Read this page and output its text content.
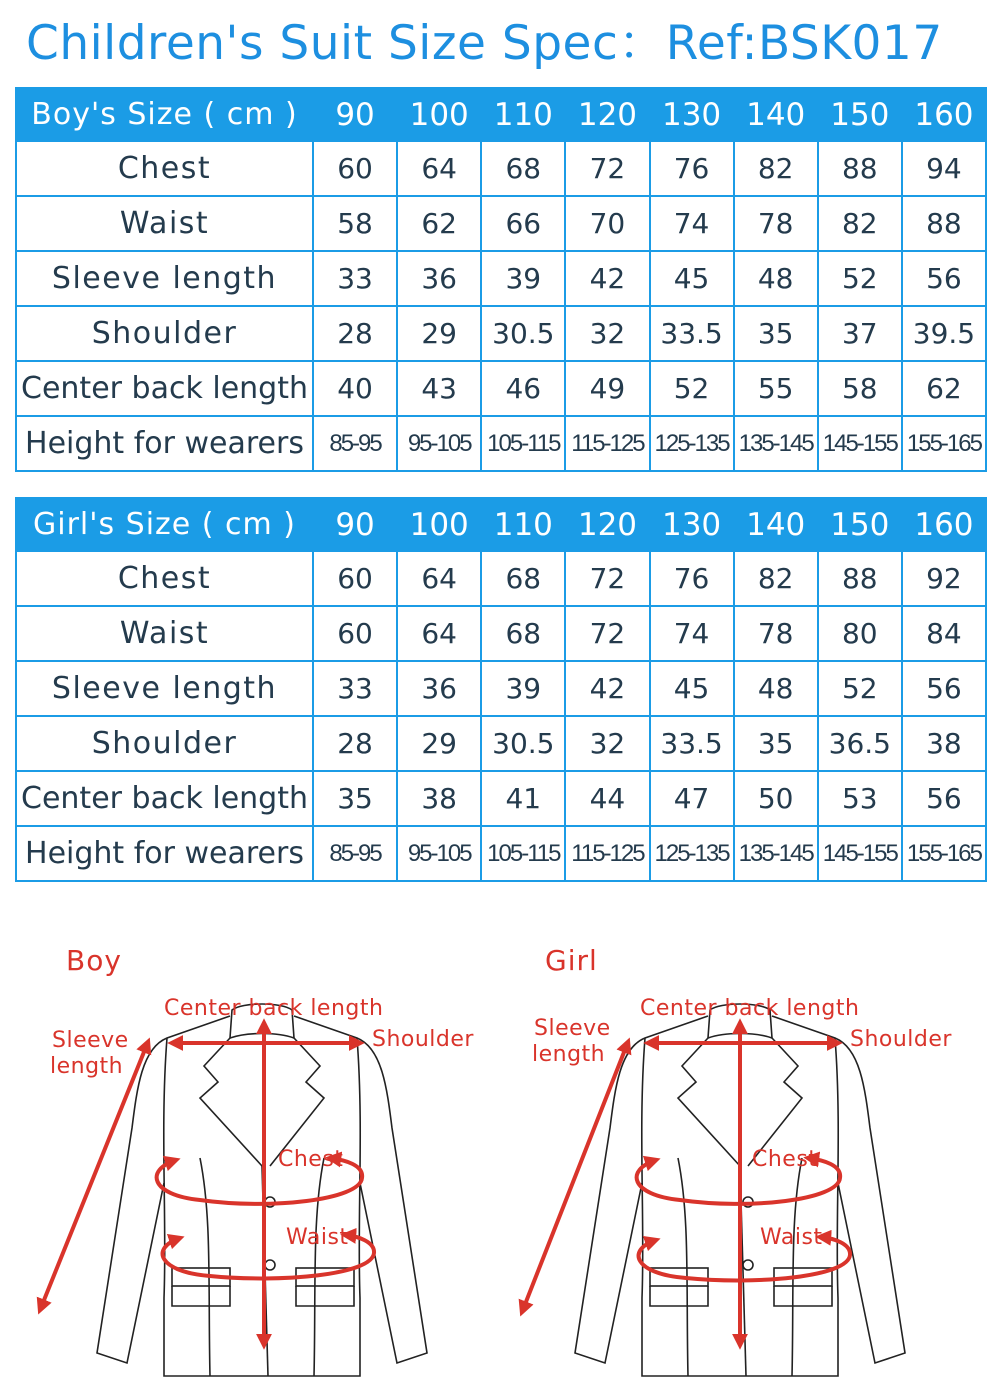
Children's Suit Size Spec：Ref:BSK017
Boy's Size ( cm )	90	100	110	120	130	140	150	160
Chest	60	64	68	72	76	82	88	94
Waist	58	62	66	70	74	78	82	88
Sleeve length	33	36	39	42	45	48	52	56
Shoulder	28	29	30.5	32	33.5	35	37	39.5
Center back length	40	43	46	49	52	55	58	62
Height for wearers	85-95	95-105	105-115	115-125	125-135	135-145	145-155	155-165
Girl's Size ( cm )	90	100	110	120	130	140	150	160
Chest	60	64	68	72	76	82	88	92
Waist	60	64	68	72	74	78	80	84
Sleeve length	33	36	39	42	45	48	52	56
Shoulder	28	29	30.5	32	33.5	35	36.5	38
Center back length	35	38	41	44	47	50	53	56
Height for wearers	85-95	95-105	105-115	115-125	125-135	135-145	145-155	155-165
Boy
Center back length
Sleeve
length
Shoulder
Chest
Waist
Girl
Center back length
Sleeve
length
Shoulder
Chest
Waist
